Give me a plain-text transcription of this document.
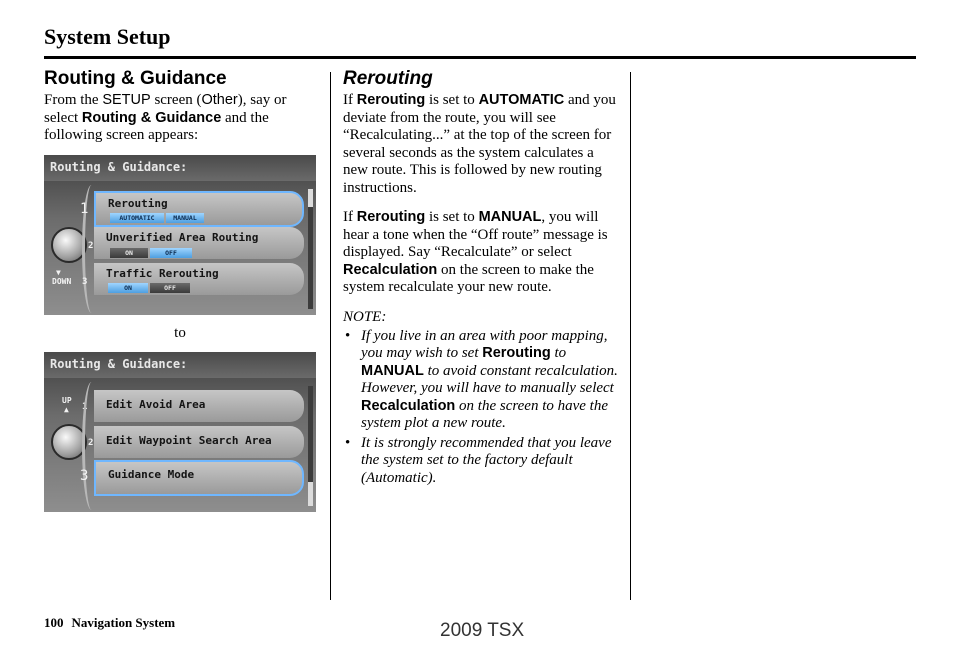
System Setup
Routing & Guidance

From the SETUP screen (Other), say or select Routing & Guidance and the following screen appears:

Routing & Guidance:
1
2
▼
DOWN 3
Rerouting
AUTOMATIC	MANUAL
Unverified Area Routing
ON	OFF
Traffic Rerouting
ON	OFF
to
Routing & Guidance:
UP
▲ 1
2
3
Edit Avoid Area
Edit Waypoint Search Area
Guidance Mode
Rerouting

If Rerouting is set to AUTOMATIC and you deviate from the route, you will see “Recalculating...” at the top of the screen for several seconds as the system calculates a new route. This is followed by new routing instructions.

If Rerouting is set to MANUAL, you will hear a tone when the “Off route” message is displayed. Say “Recalculate” or select Recalculation on the screen to make the system recalculate your new route.

NOTE:
• If you live in an area with poor mapping, you may wish to set Rerouting to MANUAL to avoid constant recalculation. However, you will have to manually select Recalculation on the screen to have the system plot a new route.
• It is strongly recommended that you leave the system set to the factory default (Automatic).
100 Navigation System	2009 TSX	carmanualsonline.info
